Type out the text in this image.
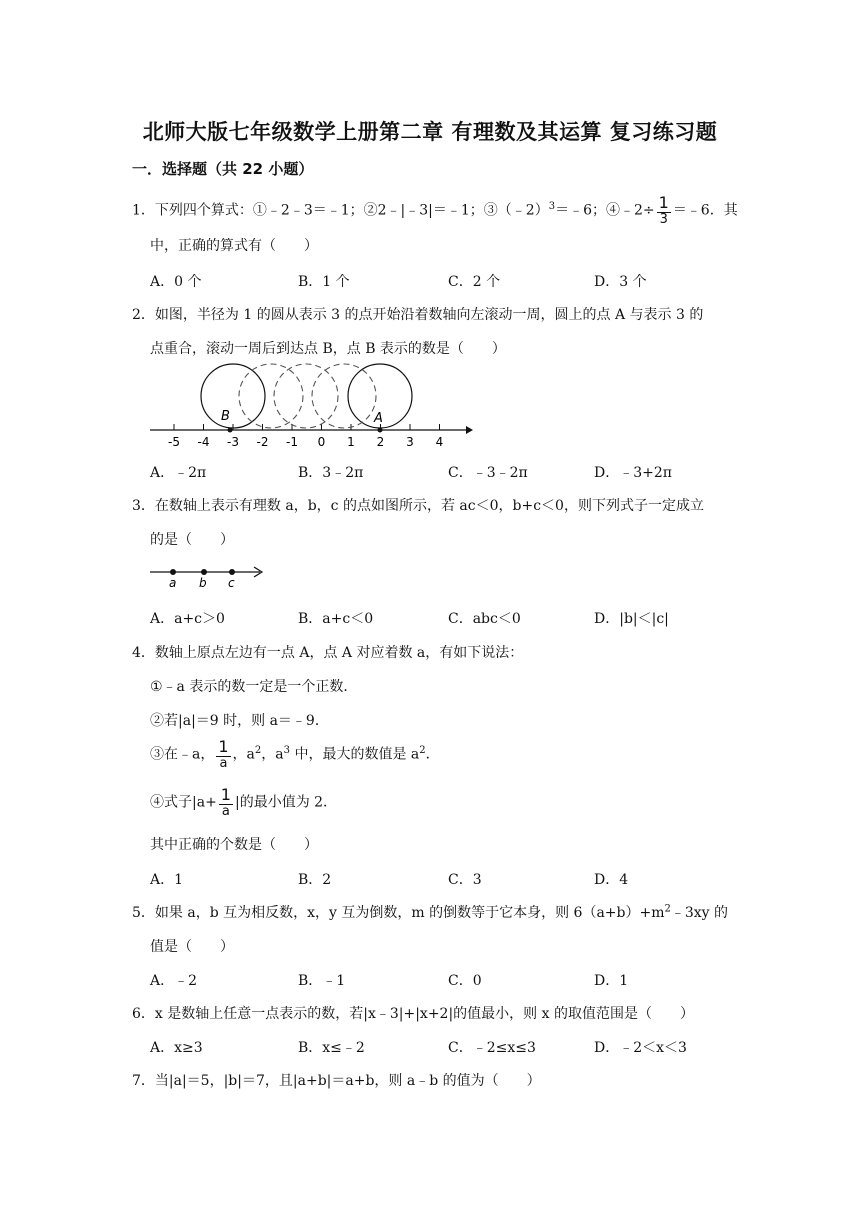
北师大版七年级数学上册第二章 有理数及其运算 复习练习题
一．选择题（共 22 小题）
1．下列四个算式：①﹣2﹣3＝﹣1；②2﹣|﹣3|＝﹣1；③（﹣2）$^3$＝﹣6；④﹣2÷ $\frac{1}{3}$ ＝﹣6．其
中，正确的算式有（　　）
A．0 个	B．1 个	C．2 个	D．3 个
2．如图，半径为 1 的圆从表示 3 的点开始沿着数轴向左滚动一周，圆上的点 A 与表示 3 的
点重合，滚动一周后到达点 B，点 B 表示的数是（　　）
-5 -4 -3 -2 -1 0 1 2 3 4
A
B
A．﹣2π	B．3﹣2π	C．﹣3﹣2π	D．﹣3+2π
3．在数轴上表示有理数 a，b，c 的点如图所示，若 ac＜0，b+c＜0，则下列式子一定成立
的是（　　）
a b c
A．a+c＞0	B．a+c＜0	C．abc＜0	D．|b|＜|c|
4．数轴上原点左边有一点 A，点 A 对应着数 a，有如下说法：
①﹣a 表示的数一定是一个正数．
②若|a|＝9 时，则 a＝﹣9．
③在﹣a， $\frac{1}{a}$ ，$a^2$，$a^3$ 中，最大的数值是 $a^2$．
④式子$|a+ \frac{1}{a}$ |的最小值为 2．
其中正确的个数是（　　）
A．1	B．2	C．3	D．4
5．如果 a，b 互为相反数，x，y 互为倒数，m 的倒数等于它本身，则 $6(a+b)+m^2﹣3xy$ 的
值是（　　）
A．﹣2	B．﹣1	C．0	D．1
6．x 是数轴上任意一点表示的数，若|x﹣3|+|x+2|的值最小，则 x 的取值范围是（　　）
A．x≥3	B．x≤﹣2	C．﹣2≤x≤3	D．﹣2＜x＜3
7．当|a|＝5，|b|＝7，且|a+b|＝a+b，则 a﹣b 的值为（　　）
